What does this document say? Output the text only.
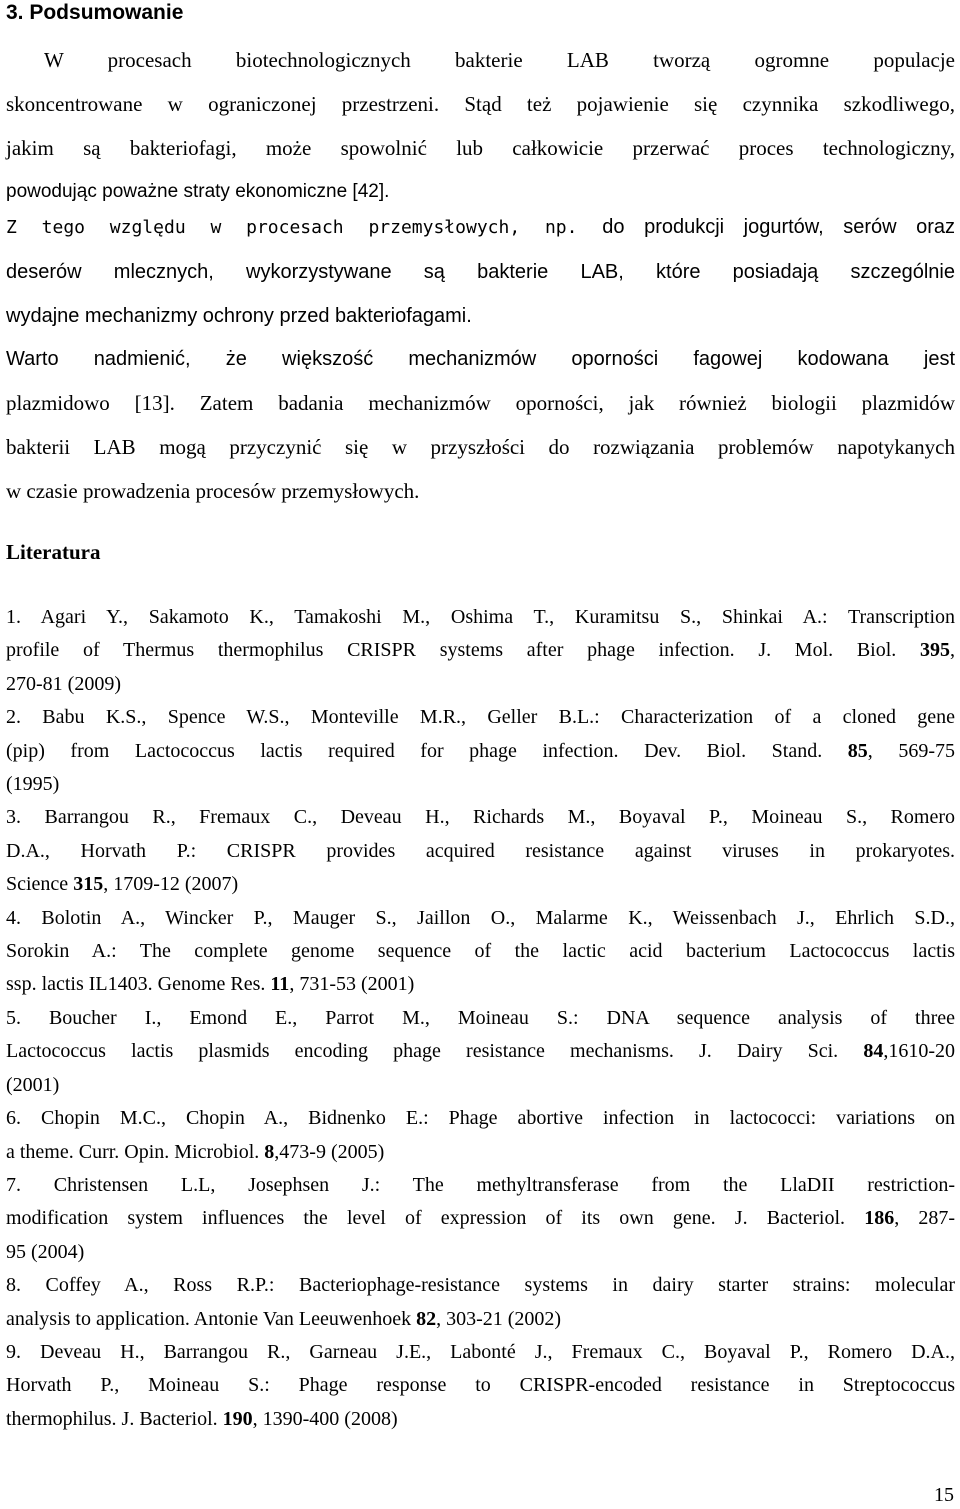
3. Podsumowanie
W procesach biotechnologicznych bakterie LAB tworzą ogromne populacje
skoncentrowane w ograniczonej przestrzeni. Stąd też pojawienie się czynnika szkodliwego,
jakim są bakteriofagi, może spowolnić lub całkowicie przerwać proces technologiczny,
powodując poważne straty ekonomiczne [42].
Z tego względu w procesach przemysłowych, np. do produkcji jogurtów, serów oraz
deserów mlecznych, wykorzystywane są bakterie LAB, które posiadają szczególnie
wydajne mechanizmy ochrony przed bakteriofagami.
Warto nadmienić, że większość mechanizmów oporności fagowej kodowana jest
plazmidowo [13]. Zatem badania mechanizmów oporności, jak również biologii plazmidów
bakterii LAB mogą przyczynić się w przyszłości do rozwiązania problemów napotykanych
w czasie prowadzenia procesów przemysłowych.
Literatura
1. Agari Y., Sakamoto K., Tamakoshi M., Oshima T., Kuramitsu S., Shinkai A.: Transcription
profile of Thermus thermophilus CRISPR systems after phage infection. J. Mol. Biol. 395,
270-81 (2009)
2. Babu K.S., Spence W.S., Monteville M.R., Geller B.L.: Characterization of a cloned gene
(pip) from Lactococcus lactis required for phage infection. Dev. Biol. Stand. 85, 569-75
(1995)
3. Barrangou R., Fremaux C., Deveau H., Richards M., Boyaval P., Moineau S., Romero
D.A., Horvath P.: CRISPR provides acquired resistance against viruses in prokaryotes.
Science 315, 1709-12 (2007)
4. Bolotin A., Wincker P., Mauger S., Jaillon O., Malarme K., Weissenbach J., Ehrlich S.D.,
Sorokin A.: The complete genome sequence of the lactic acid bacterium Lactococcus lactis
ssp. lactis IL1403. Genome Res. 11, 731-53 (2001)
5. Boucher I., Emond E., Parrot M., Moineau S.: DNA sequence analysis of three
Lactococcus lactis plasmids encoding phage resistance mechanisms. J. Dairy Sci. 84,1610-20
(2001)
6. Chopin M.C., Chopin A., Bidnenko E.: Phage abortive infection in lactococci: variations on
a theme. Curr. Opin. Microbiol. 8,473-9 (2005)
7. Christensen L.L, Josephsen J.: The methyltransferase from the LlaDII restriction-
modification system influences the level of expression of its own gene. J. Bacteriol. 186, 287-
95 (2004)
8. Coffey A., Ross R.P.: Bacteriophage-resistance systems in dairy starter strains: molecular
analysis to application. Antonie Van Leeuwenhoek 82, 303-21 (2002)
9. Deveau H., Barrangou R., Garneau J.E., Labonté J., Fremaux C., Boyaval P., Romero D.A.,
Horvath P., Moineau S.: Phage response to CRISPR-encoded resistance in Streptococcus
thermophilus. J. Bacteriol. 190, 1390-400 (2008)
15
